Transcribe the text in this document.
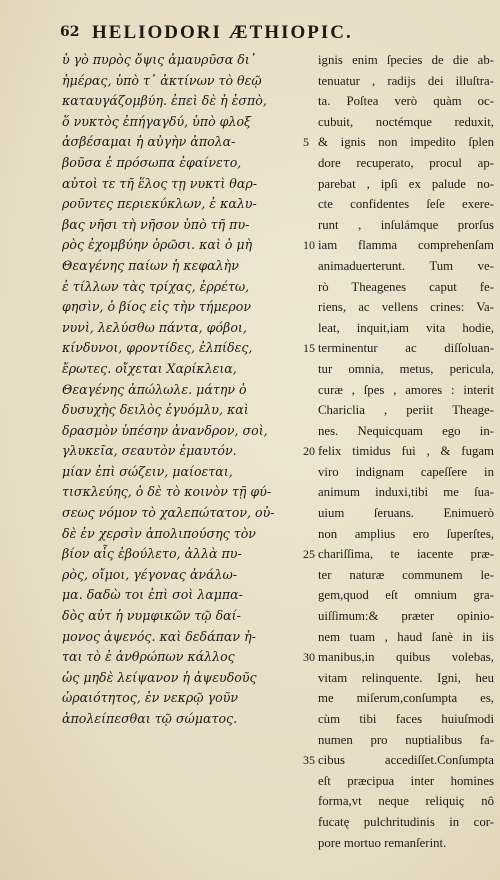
62 HELIODORI ÆTHIOPIC.
ὑ γὸ πυρὸς ὄψις ἀμαυρῦσα δι᾽
ἡμέρας, ὑπὸ τ᾽ ἀκτίνων τὸ θεῷ
καταυγάζομβύη. ἐπεὶ δὲ ἡ ἑσπὸ,
ὅ νυκτὸς ἐπήγαγδύ, ὑπὸ φλοξ
ἀσβέσαμαι ἡ αὐγὴν ἀπολα-
βοῦσα ἐ πρόσωπα ἐφαίνετο,
αὐτοὶ τε τῆ ἕλος τῃ νυκτὶ θαρ-
ροῦντες περιεκύκλων, ἐ καλυ-
βας νῆσι τὴ νῆσον ὑπὸ τῆ πυ-
ρὸς ἐχομβύην ὁρῶσι. καὶ ὁ μὴ
Θεαγένης παίων ἡ κεφαλὴν
ἐ τίλλων τὰς τρίχας, ἐρρέτω,
φησὶν, ὁ βίος εἰς τὴν τήμερον
νυνὶ, λελύσθω πάντα, φόβοι,
κίνδυνοι, φροντίδες, ἐλπίδες,
ἔρωτες. οἴχεται Χαρίκλεια,
Θεαγένης ἀπώλωλε. μάτην ὁ
δυσυχὴς δειλὸς ἐγυόμλυ, καὶ
δρασμὸν ὑπέσην ἀνανδρον, σοὶ,
γλυκεῖα, σεαυτὸν ἐμαυτόν.
μίαν ἐπὶ σώζειν, μαίοεται,
τισκλεύης, ὁ δὲ τὸ κοινὸν τῇ φύ-
σεως νόμον τὸ χαλεπώτατον, οὐ-
δὲ ἐν χερσὶν ἀπολιπούσης τὸν
βίον αἷς ἐβούλετο, ἀλλὰ πυ-
ρὸς, οἴμοι, γέγονας ἀνάλω-
μα. δαδὼ τοι ἐπὶ σοὶ λαμπα-
δὸς αὐτ ἡ νυμφικῶν τῷ δαί-
μονος ἀψενός. καὶ δεδάπαν ἡ-
ται τὸ ἐ ἀνθρώπων κάλλος
ὡς μηδὲ λείψανον ἡ ἀψευδοῦς
ὡραιότητος, ἐν νεκρῷ γοῦν
ἀπολείπεσθαι τῷ σώματος.
5
10
15
20
25
30
35
ignis enim ſpecies de die ab-
tenuatur , radijs dei illuſtra-
ta. Poſtea verò quàm oc-
cubuit, noctémque reduxit,
& ignis non impedito ſplen
dore recuperato, procul ap-
parebat , ipſi ex palude no-
cte confidentes ſeſe exere-
runt , inſulámque prorſus
iam flamma comprehenſam
animaduerterunt. Tum ve-
rò Theagenes caput fe-
riens, ac vellens crines: Va-
leat, inquit,iam vita hodie,
terminentur ac diſſoluan-
tur omnia, metus, pericula,
curæ , ſpes , amores : interit
Charicliа , periit Theage-
nes. Nequicquam ego in-
felix timidus fui , & fugam
viro indignam capeſſere in
animum induxi,tibi me ſua-
uium ſeruans. Enimuerò
non amplius ero ſuperſtes,
chariſſima, te iacente præ-
ter naturæ communem le-
gem,quod eſt omnium gra-
uiſſimum:& præter opinio-
nem tuam , haud ſanè in iis
manibus,in quibus volebas,
vitam relinquente. Igni, heu
me miſerum,conſumpta es,
cùm tibi faces huiuſmodi
numen pro nuptialibus fa-
cibus accediſſet.Conſumpta
eſt præcipua inter homines
forma,vt neque reliquiç nô
fucatę pulchritudinis in cor-
pore mortuo remanſerint.
